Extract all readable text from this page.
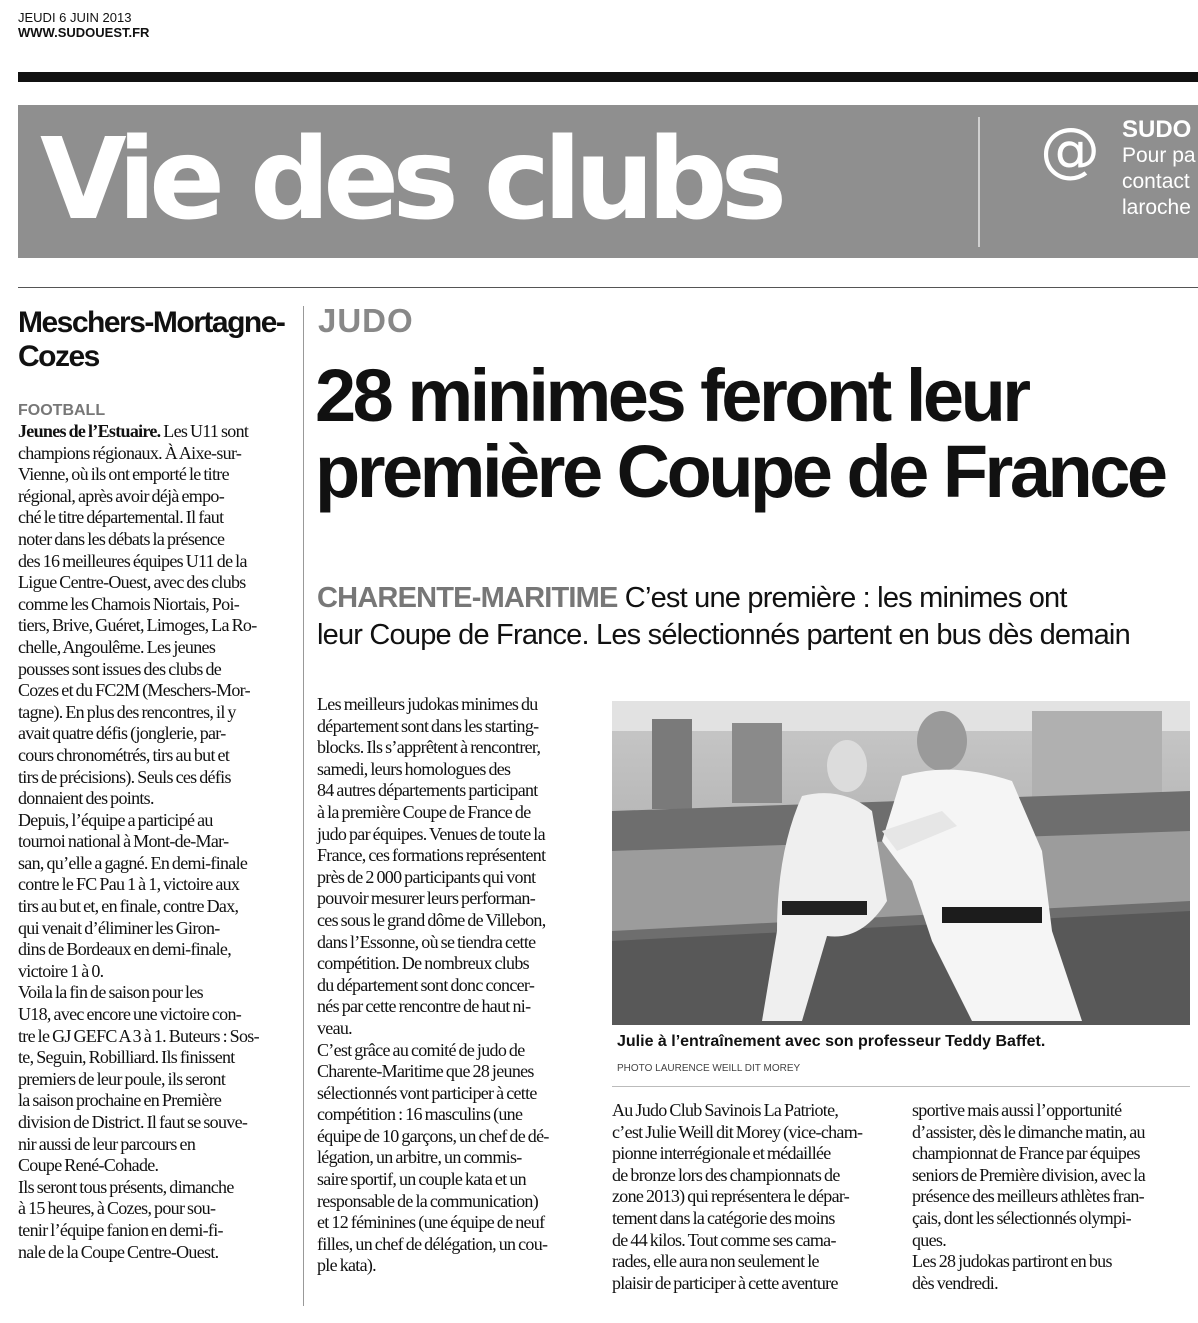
JEUDI 6 JUIN 2013
WWW.SUDOUEST.FR
Vie des clubs	@ SUDO
Pour pa
contact
laroche
Meschers-Mortagne-
Cozes
FOOTBALL
Jeunes de l’Estuaire. Les U11 sont
champions régionaux. À Aixe-sur-
Vienne, où ils ont emporté le titre
régional, après avoir déjà empo-
ché le titre départemental. Il faut
noter dans les débats la présence
des 16 meilleures équipes U11 de la
Ligue Centre-Ouest, avec des clubs
comme les Chamois Niortais, Poi-
tiers, Brive, Guéret, Limoges, La Ro-
chelle, Angoulême. Les jeunes
pousses sont issues des clubs de
Cozes et du FC2M (Meschers-Mor-
tagne). En plus des rencontres, il y
avait quatre défis (jonglerie, par-
cours chronométrés, tirs au but et
tirs de précisions). Seuls ces défis
donnaient des points.
Depuis, l’équipe a participé au
tournoi national à Mont-de-Mar-
san, qu’elle a gagné. En demi-finale
contre le FC Pau 1 à 1, victoire aux
tirs au but et, en finale, contre Dax,
qui venait d’éliminer les Giron-
dins de Bordeaux en demi-finale,
victoire 1 à 0.
Voila la fin de saison pour les
U18, avec encore une victoire con-
tre le GJ GEFC A 3 à 1. Buteurs : Sos-
te, Seguin, Robilliard. Ils finissent
premiers de leur poule, ils seront
la saison prochaine en Première
division de District. Il faut se souve-
nir aussi de leur parcours en
Coupe René-Cohade.
Ils seront tous présents, dimanche
à 15 heures, à Cozes, pour sou-
tenir l’équipe fanion en demi-fi-
nale de la Coupe Centre-Ouest.
JUDO
28 minimes feront leur
première Coupe de France
CHARENTE-MARITIME C’est une première : les minimes ont
leur Coupe de France. Les sélectionnés partent en bus dès demain
Les meilleurs judokas minimes du
département sont dans les starting-
blocks. Ils s’apprêtent à rencontrer,
samedi, leurs homologues des
84 autres départements participant
à la première Coupe de France de
judo par équipes. Venues de toute la
France, ces formations représentent
près de 2 000 participants qui vont
pouvoir mesurer leurs performan-
ces sous le grand dôme de Villebon,
dans l’Essonne, où se tiendra cette
compétition. De nombreux clubs
du département sont donc concer-
nés par cette rencontre de haut ni-
veau.
C’est grâce au comité de judo de
Charente-Maritime que 28 jeunes
sélectionnés vont participer à cette
compétition : 16 masculins (une
équipe de 10 garçons, un chef de dé-
légation, un arbitre, un commis-
saire sportif, un couple kata et un
responsable de la communication)
et 12 féminines (une équipe de neuf
filles, un chef de délégation, un cou-
ple kata).
Julie à l’entraînement avec son professeur Teddy Baffet.
PHOTO LAURENCE WEILL DIT MOREY
Au Judo Club Savinois La Patriote,
c’est Julie Weill dit Morey (vice-cham-
pionne interrégionale et médaillée
de bronze lors des championnats de
zone 2013) qui représentera le dépar-
tement dans la catégorie des moins
de 44 kilos. Tout comme ses cama-
rades, elle aura non seulement le
plaisir de participer à cette aventure
sportive mais aussi l’opportunité
d’assister, dès le dimanche matin, au
championnat de France par équipes
seniors de Première division, avec la
présence des meilleurs athlètes fran-
çais, dont les sélectionnés olympi-
ques.
Les 28 judokas partiront en bus
dès vendredi.
